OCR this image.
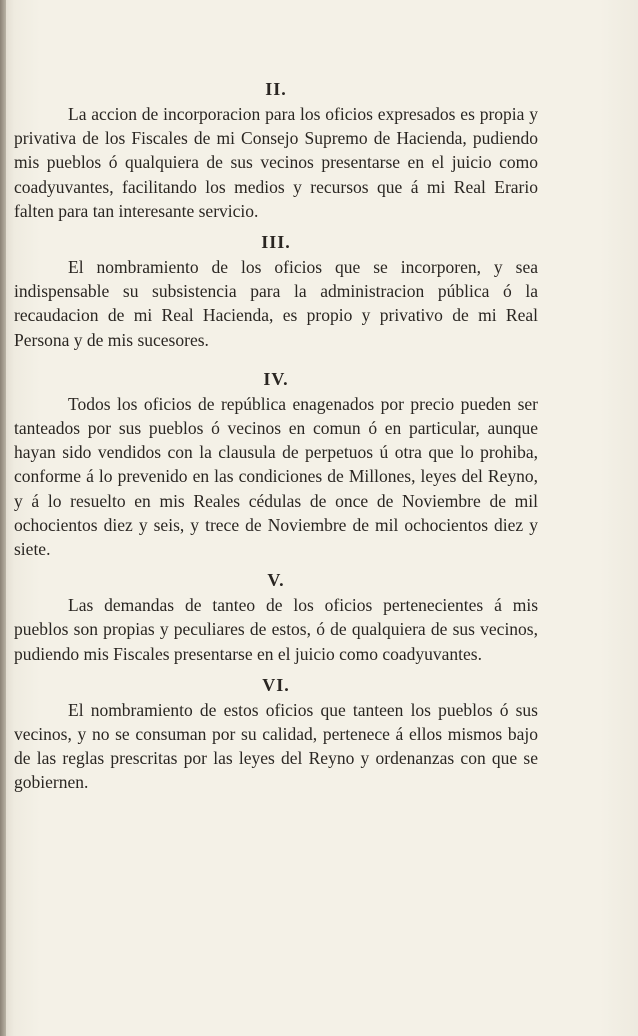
II.

La accion de incorporacion para los oficios expresados es propia y privativa de los Fiscales de mi Consejo Supremo de Hacienda, pudiendo mis pueblos ó qualquiera de sus vecinos presentarse en el juicio como coadyuvantes, facilitando los medios y recursos que á mi Real Erario falten para tan interesante servicio.

III.

El nombramiento de los oficios que se incorporen, y sea indispensable su subsistencia para la administracion pública ó la recaudacion de mi Real Hacienda, es propio y privativo de mi Real Persona y de mis sucesores.

IV.

Todos los oficios de república enagenados por precio pueden ser tanteados por sus pueblos ó vecinos en comun ó en particular, aunque hayan sido vendidos con la clausula de perpetuos ú otra que lo prohiba, conforme á lo prevenido en las condiciones de Millones, leyes del Reyno, y á lo resuelto en mis Reales cédulas de once de Noviembre de mil ochocientos diez y seis, y trece de Noviembre de mil ochocientos diez y siete.

V.

Las demandas de tanteo de los oficios pertenecientes á mis pueblos son propias y peculiares de estos, ó de qualquiera de sus vecinos, pudiendo mis Fiscales presentarse en el juicio como coadyuvantes.

VI.

El nombramiento de estos oficios que tanteen los pueblos ó sus vecinos, y no se consuman por su calidad, pertenece á ellos mismos bajo de las reglas prescritas por las leyes del Reyno y ordenanzas con que se gobiernen.
